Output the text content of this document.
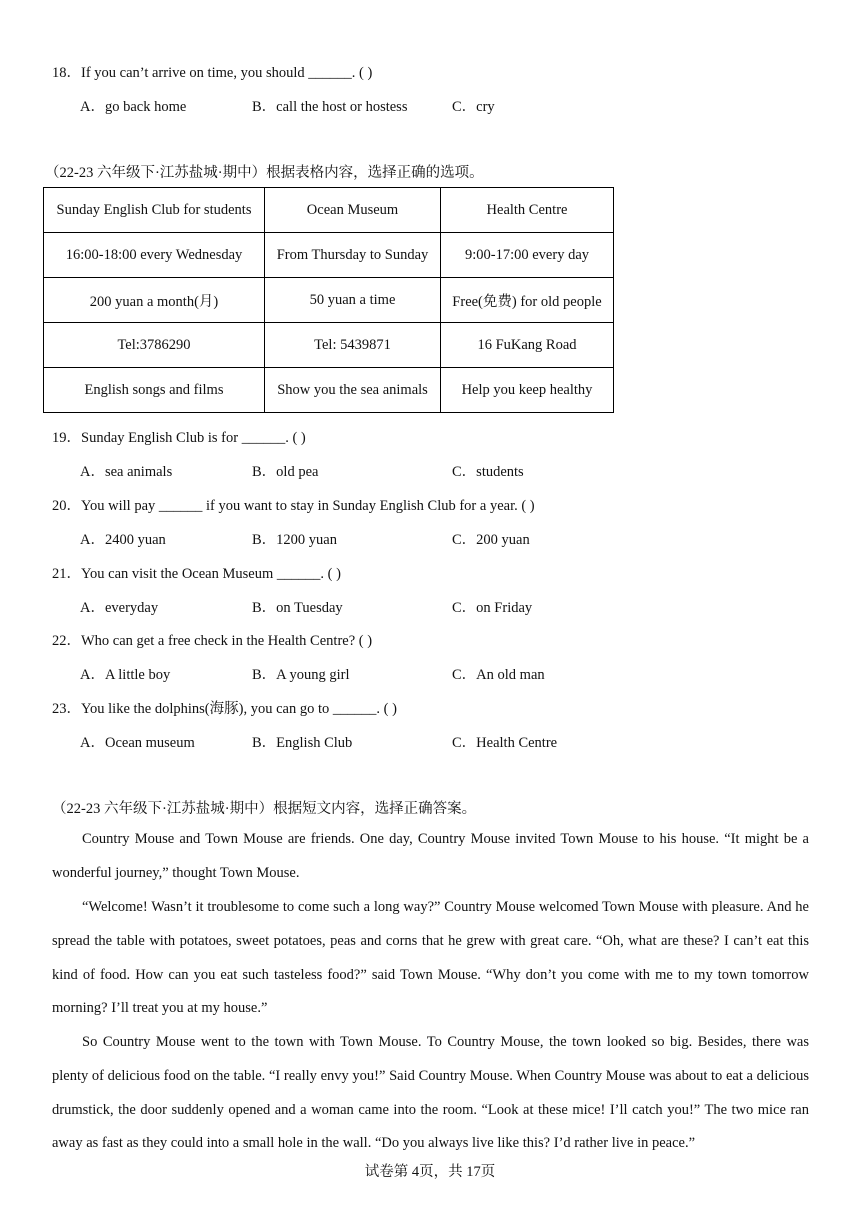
18．If you can’t arrive on time, you should ______. ( )
A．go back home	B．call the host or hostess	C．cry
（22-23 六年级下·江苏盐城·期中）根据表格内容，选择正确的选项。
Sunday English Club for students	Ocean Museum	Health Centre
16:00-18:00 every Wednesday	From Thursday to Sunday	9:00-17:00 every day
200 yuan a month(月)	50 yuan a time	Free(免费) for old people
Tel:3786290	Tel: 5439871	16 FuKang Road
English songs and films	Show you the sea animals	Help you keep healthy
19．Sunday English Club is for ______. ( )
A．sea animals	B．old pea	C．students
20．You will pay ______ if you want to stay in Sunday English Club for a year. ( )
A．2400 yuan	B．1200 yuan	C．200 yuan
21．You can visit the Ocean Museum ______. ( )
A．everyday	B．on Tuesday	C．on Friday
22．Who can get a free check in the Health Centre? ( )
A．A little boy	B．A young girl	C．An old man
23．You like the dolphins(海豚), you can go to ______. ( )
A．Ocean museum	B．English Club	C．Health Centre
（22-23 六年级下·江苏盐城·期中）根据短文内容，选择正确答案。
Country Mouse and Town Mouse are friends. One day, Country Mouse invited Town Mouse to his house. “It might be a wonderful journey,” thought Town Mouse.
“Welcome! Wasn’t it troublesome to come such a long way?” Country Mouse welcomed Town Mouse with pleasure. And he spread the table with potatoes, sweet potatoes, peas and corns that he grew with great care. “Oh, what are these? I can’t eat this kind of food. How can you eat such tasteless food?” said Town Mouse. “Why don’t you come with me to my town tomorrow morning? I’ll treat you at my house.”
So Country Mouse went to the town with Town Mouse. To Country Mouse, the town looked so big. Besides, there was plenty of delicious food on the table. “I really envy you!” Said Country Mouse. When Country Mouse was about to eat a delicious drumstick, the door suddenly opened and a woman came into the room. “Look at these mice! I’ll catch you!” The two mice ran away as fast as they could into a small hole in the wall. “Do you always live like this? I’d rather live in peace.”
试卷第 4页，共 17页
